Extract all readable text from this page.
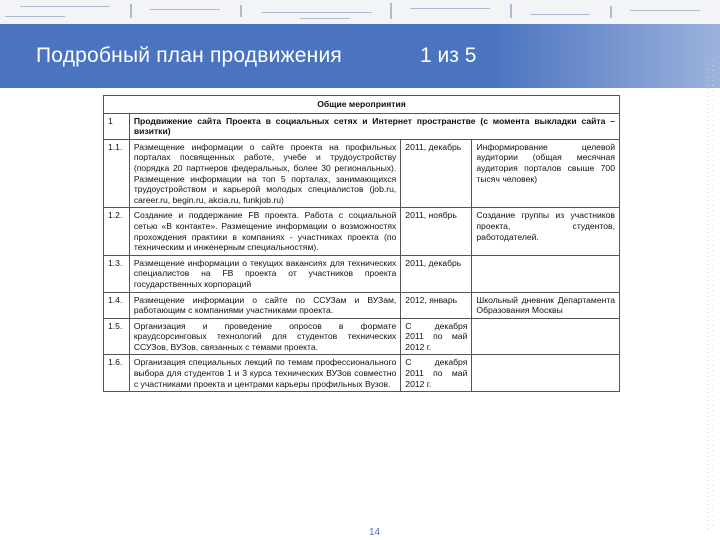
Подробный план продвижения	1 из 5
Общие мероприятия			
1	Продвижение сайта Проекта в социальных сетях и Интернет пространстве (с момента выкладки сайта – визитки)		
1.1.	Размещение информации о сайте проекта на профильных порталах посвященных работе, учебе и трудоустройству (порядка 20 партнеров федеральных, более 30 региональных). Размещение информации на топ 5 порталах, занимающихся трудоустройством и карьерой молодых специалистов (job.ru, career.ru, begin.ru, akcia.ru, funkjob.ru)	2011, декабрь	Информирование целевой аудитории (общая месячная аудитория порталов свыше 700 тысяч человек)
1.2.	Создание и поддержание FB проекта. Работа с социальной сетью «В контакте». Размещение информации о возможностях прохождения практики в компаниях - участниках проекта (по техническим и инженерным специальностям).	2011, ноябрь	Создание группы из участников проекта, студентов, работодателей.
1.3.	Размещение информации о текущих вакансиях для технических специалистов на FB проекта от участников проекта государственных корпораций	2011, декабрь	
1.4.	Размещение информации о сайте по ССУЗам и ВУЗам, работающим с компаниями участниками проекта.	2012, январь	Школьный дневник Департамента Образования Москвы
1.5.	Организация и проведение опросов в формате краудсорсинговых технологий для студентов технических ССУЗов, ВУЗов, связанных с темами проекта.	С декабря 2011 по май 2012 г.	
1.6.	Организация специальных лекций по темам профессионального выбора для студентов 1 и 3 курса технических ВУЗов совместно с участниками проекта и центрами карьеры профильных Вузов.	С декабря 2011 по май 2012 г.	
14
